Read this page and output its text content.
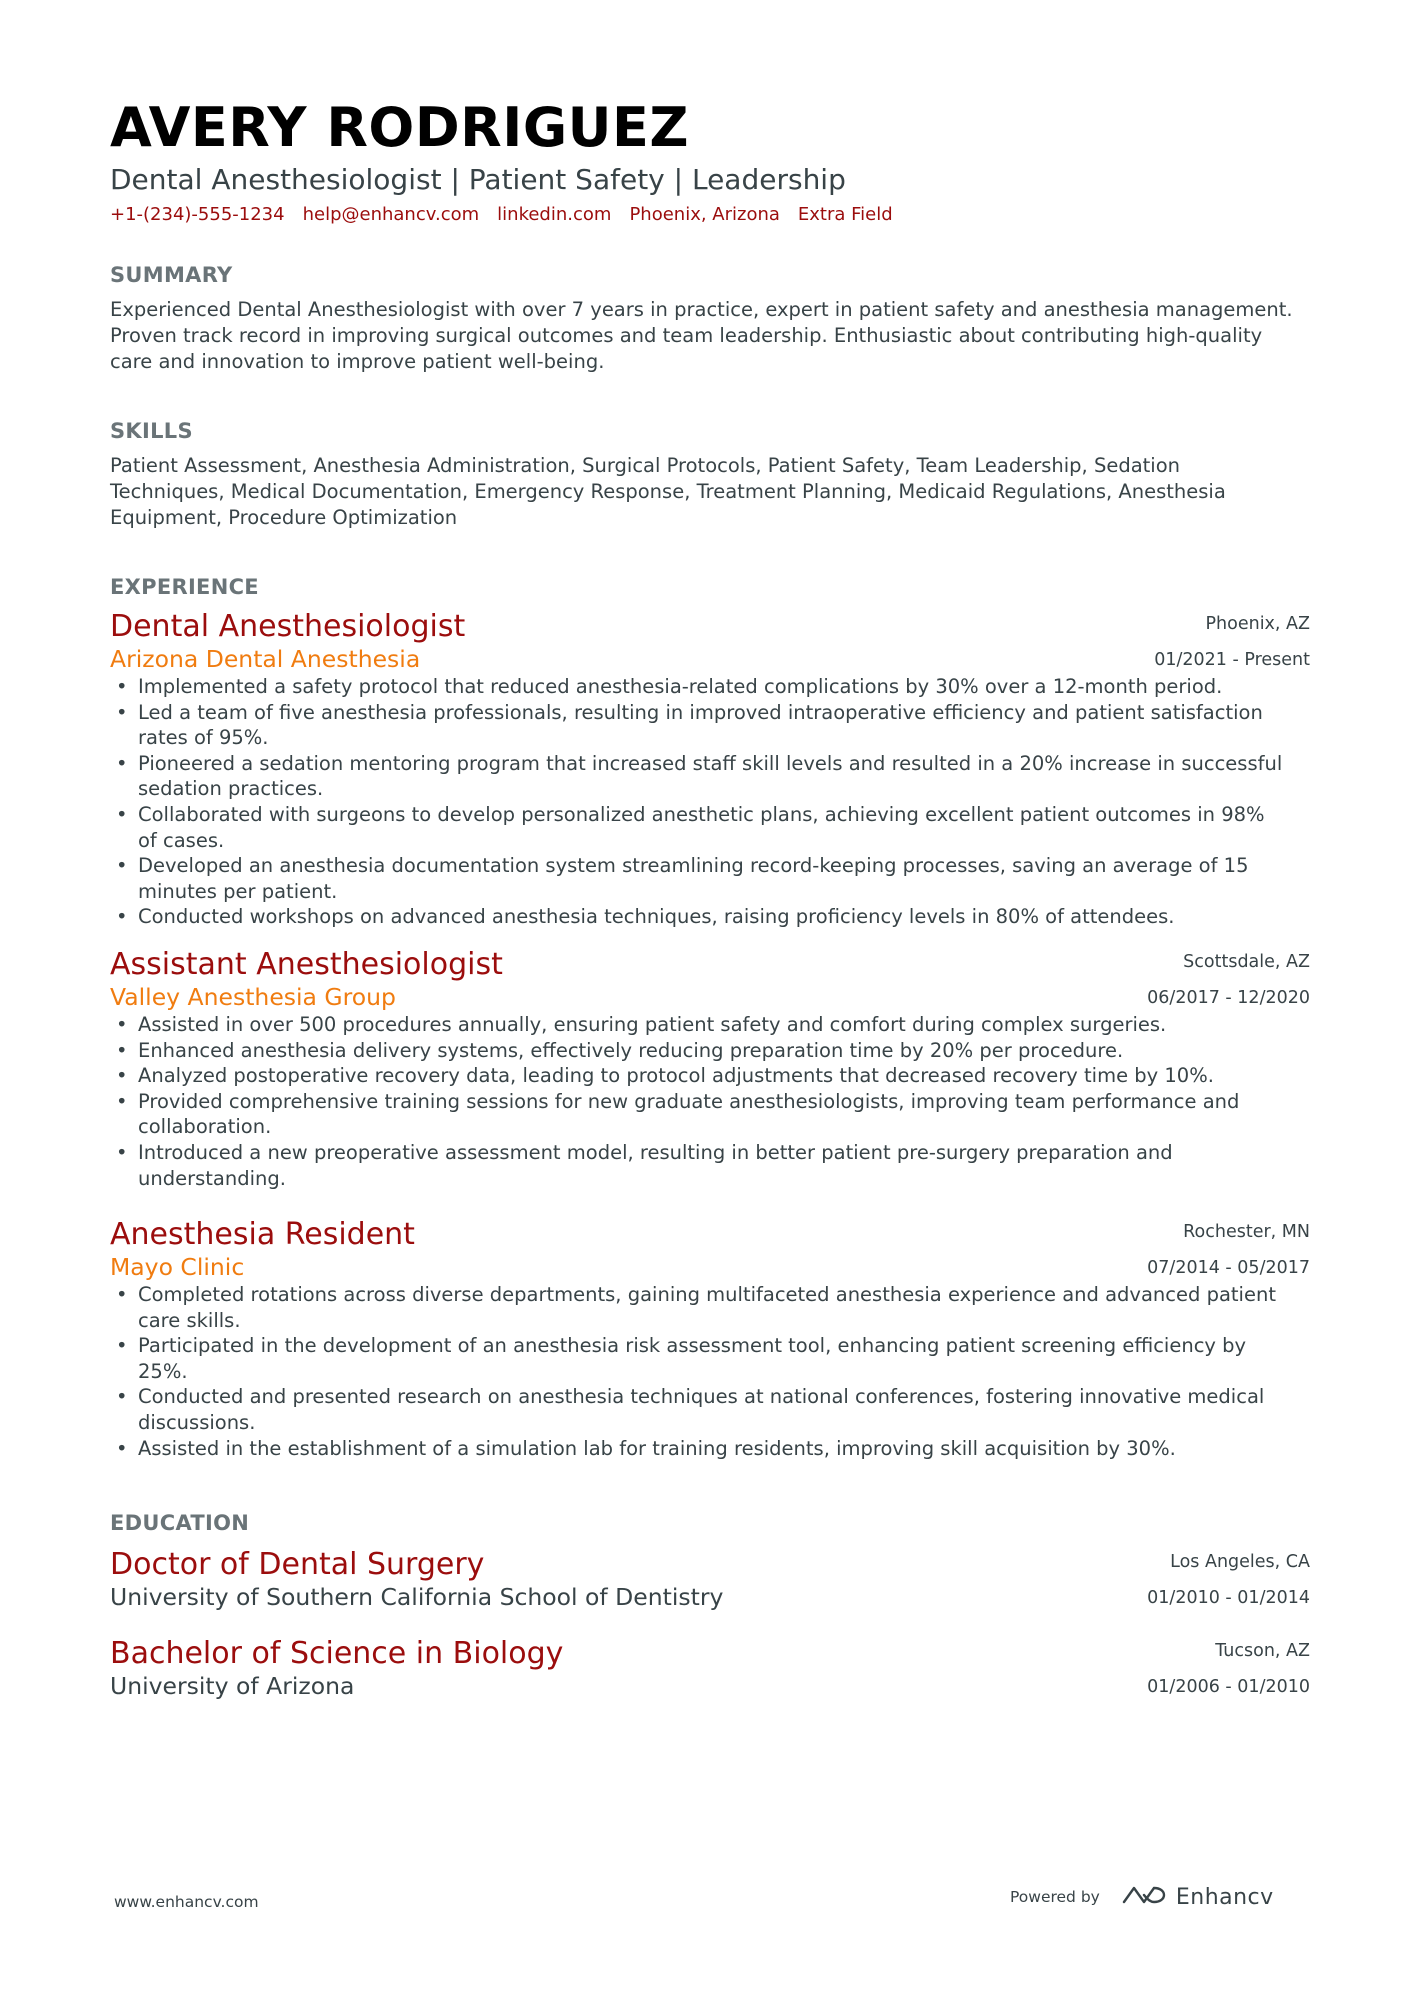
AVERY RODRIGUEZ
Dental Anesthesiologist | Patient Safety | Leadership
+1-(234)-555-1234 help@enhancv.com linkedin.com Phoenix, Arizona Extra Field
SUMMARY
Experienced Dental Anesthesiologist with over 7 years in practice, expert in patient safety and anesthesia management.
Proven track record in improving surgical outcomes and team leadership. Enthusiastic about contributing high-quality
care and innovation to improve patient well-being.
SKILLS
Patient Assessment, Anesthesia Administration, Surgical Protocols, Patient Safety, Team Leadership, Sedation
Techniques, Medical Documentation, Emergency Response, Treatment Planning, Medicaid Regulations, Anesthesia
Equipment, Procedure Optimization
EXPERIENCE
Dental Anesthesiologist
Arizona Dental Anesthesia
Phoenix, AZ
01/2021 - Present
• Implemented a safety protocol that reduced anesthesia-related complications by 30% over a 12-month period.
• Led a team of five anesthesia professionals, resulting in improved intraoperative efficiency and patient satisfaction
rates of 95%.
• Pioneered a sedation mentoring program that increased staff skill levels and resulted in a 20% increase in successful
sedation practices.
• Collaborated with surgeons to develop personalized anesthetic plans, achieving excellent patient outcomes in 98%
of cases.
• Developed an anesthesia documentation system streamlining record-keeping processes, saving an average of 15
minutes per patient.
• Conducted workshops on advanced anesthesia techniques, raising proficiency levels in 80% of attendees.
Assistant Anesthesiologist
Valley Anesthesia Group
Scottsdale, AZ
06/2017 - 12/2020
• Assisted in over 500 procedures annually, ensuring patient safety and comfort during complex surgeries.
• Enhanced anesthesia delivery systems, effectively reducing preparation time by 20% per procedure.
• Analyzed postoperative recovery data, leading to protocol adjustments that decreased recovery time by 10%.
• Provided comprehensive training sessions for new graduate anesthesiologists, improving team performance and
collaboration.
• Introduced a new preoperative assessment model, resulting in better patient pre-surgery preparation and
understanding.
Anesthesia Resident
Mayo Clinic
Rochester, MN
07/2014 - 05/2017
• Completed rotations across diverse departments, gaining multifaceted anesthesia experience and advanced patient
care skills.
• Participated in the development of an anesthesia risk assessment tool, enhancing patient screening efficiency by
25%.
• Conducted and presented research on anesthesia techniques at national conferences, fostering innovative medical
discussions.
• Assisted in the establishment of a simulation lab for training residents, improving skill acquisition by 30%.
EDUCATION
Doctor of Dental Surgery
University of Southern California School of Dentistry
Los Angeles, CA
01/2010 - 01/2014
Bachelor of Science in Biology
University of Arizona
Tucson, AZ
01/2006 - 01/2010
www.enhancv.com	Powered by	Enhancv
